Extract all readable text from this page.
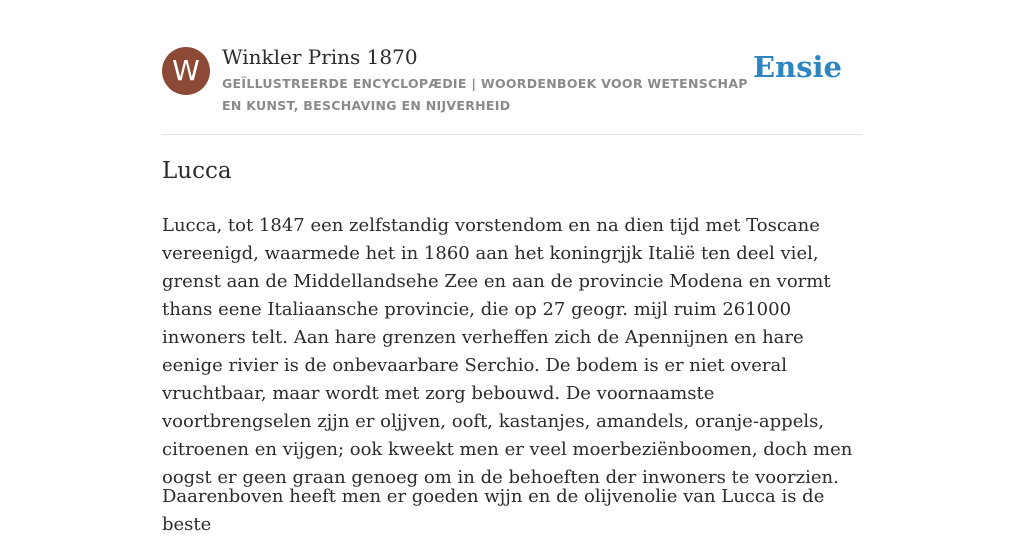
W	Winkler Prins 1870
GEÏLLUSTREERDE ENCYCLOPÆDIE | WOORDENBOEK VOOR WETENSCHAP EN KUNST, BESCHAVING EN NIJVERHEID
Ensie
Lucca

Lucca, tot 1847 een zelfstandig vorstendom en na dien tijd met Toscane vereenigd, waarmede het in 1860 aan het koningrjjk Italië ten deel viel, grenst aan de Middellandsehe Zee en aan de provincie Modena en vormt thans eene Italiaansche provincie, die op 27 geogr. mijl ruim 261000 inwoners telt. Aan hare grenzen verheffen zich de Apennijnen en hare eenige rivier is de onbevaarbare Serchio. De bodem is er niet overal vruchtbaar, maar wordt met zorg bebouwd. De voornaamste voortbrengselen zjjn er oljjven, ooft, kastanjes, amandels, oranje-appels, citroenen en vijgen; ook kweekt men er veel moerbeziënboomen, doch men oogst er geen graan genoeg om in de behoeften der inwoners te voorzien.

Daarenboven heeft men er goeden wjjn en de olijvenolie van Lucca is de beste
